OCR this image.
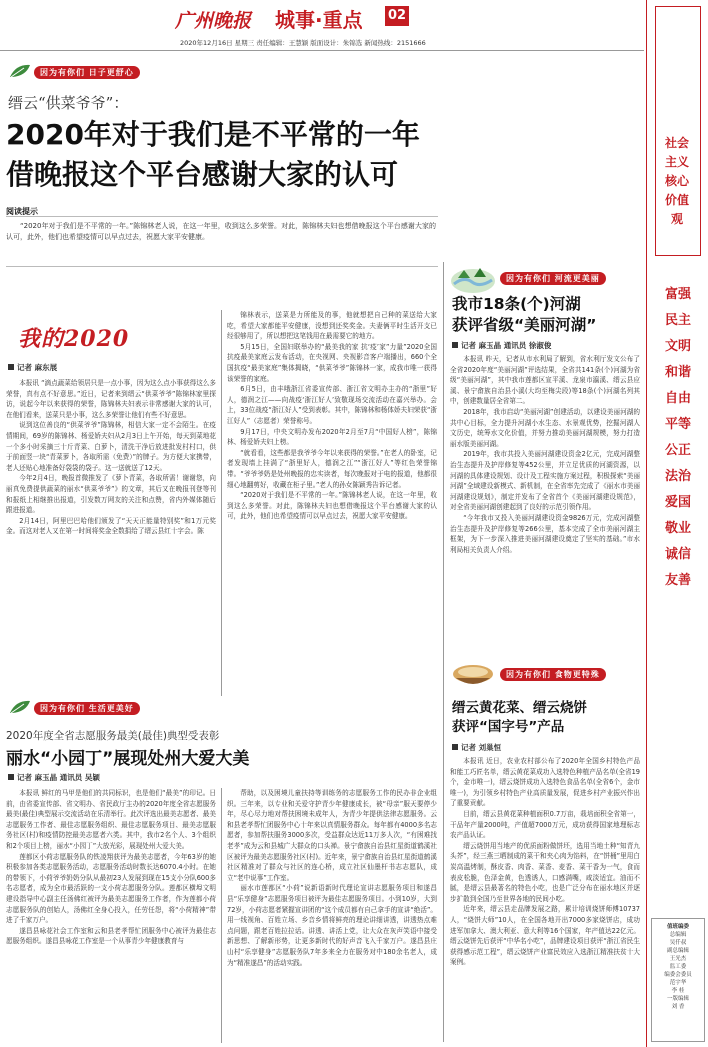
广州晚报 城事·重点 02
2020年12月16日 星期三 责任编辑：王慧颖 版面设计：朱锦选 新闻热线：2151666
因为有你们 日子更舒心
缙云“供菜爷爷”：
2020年对于我们是不平常的一年
借晚报这个平台感谢大家的认可
阅读提示

“2020年对于我们是不平常的一年。”陈锦林老人说，在这一年里，收到这么多荣誉。对此，陈锦林夫妇也想借晚报这个平台感谢大家的认可，此外，他们也希望疫情可以早点过去，祝愿大家平安健康。

我的2020
记者 麻东展

本报讯 “滴点蔬菜给领居只是一点小事，因为这么点小事获得这么多荣誉，真有点不好意思。”近日，记者来到缙云“供菜爷爷”陈锦林家里探访，说起今年以来获得的荣誉，陈锦林夫妇表示非常感谢大家的认可，在他们看来，送菜只是小事，这么多荣誉让他们有些不好意思。

说到这位善良的“供菜爷爷”陈锦林，相信大家一定不会陌生。在疫情期间，69岁的陈锦林、杨爱娇夫妇从2月3日上午开始，每天到菜地花一个多小时采摘三十斤青菜、白萝卜，清洗干净后放进批发村村口，供于前面竖一块“青菜萝卜，各取所需（免费）”的牌子。为方便大家携带，老人还贴心地准备好袋袋的袋子。这一送就送了12天。

今年2月4日，晚报首微推发了《萝卜青菜，各取所需！谢谢您，向丽真免费提供蔬菜的丽水“供菜爷爷”》的文章，其后又在晚报刊登等刊和报纸上相继推出报道，引发数万网友的关注和点赞，省内外媒体随后跟进报道。

2月14日，阿里巴巴哈他们颁发了“天天正能量特别奖”和1万元奖金。而这对老人又在第一时间将奖金全数捐给了缙云县红十字会。陈

锦林表示，送菜是力所能及的事，他就想把自己种的菜送给大家吃，希望大家都能平安健康，没想到还奖奖金。夫妻俩平时生活开支已经很够用了，所以想把这笔钱用在最需要它的地方。

5月15日，全国妇联举办的“最美我的家 抗‘疫’家”力量”2020全国抗疫最美家庭云发布活动，在央视网、央视影音客户端播出，660个全国抗疫“最美家庭”集体揭晓，“供菜爷爷”陈锦林一家，成我市唯一获得该荣誉的家庭。

6月5日，由丰哦浙江省委宣传部、浙江省文明办主办的“浙里”好人，德润之江——向战疫‘浙江好人’致敬现场交流活动在嘉兴举办。会上，33位战疫“浙江好人”受到表彰。其中，陈锦林和杨体娇夫妇荣获“浙江好人”（志愿者）荣誉称号。

9月17日，中央文明办发布2020年2月至7月“中国好人榜”，陈锦林、杨爱娇夫妇上榜。

“就看看，这些都是我爷爷今年以来获得的荣誉。”在老人的卧室，记者发现墙上挂满了“浙里好人，德润之江”“浙江好人”等红色荣誉锦带。“爷爷爷奶是处州晚报的忠实读者，每次晚报对于电的报道，他都很细心地翻剪好，收藏在柜子里。”老人的孙女陈颖秀告诉记者。

“2020对于我们是不平常的一年。”陈锦林老人说，在这一年里，收到这么多荣誉。对此，陈锦林夫妇也想借晚报这个平台感谢大家的认可，此外，他们也希望疫情可以早点过去，祝愿大家平安健康。

因为有你们 生活更美好
2020年度全省志愿服务最美(最佳)典型受表彰
丽水“小园丁”展现处州大爱大美
记者 麻玉晶 通讯员 吴颖

本报讯 鲜红的马甲是他们的共同标识，也是他们“最美”的印记。日前，由省委宣传部、省文明办、省民政厅主办的2020年度全省志愿服务最美(最佳)典型展示交流活动在乐清举行。此次评选出最美志愿者、最美志愿服务工作者、最佳志愿服务组织、最佳志愿服务项目、最美志愿服务社区(村)和疫情防控最美志愿者六类。其中，我市2名个人、3个组织和2个项目上榜，丽水“小园丁”大放光彩，展现处州大爱大美。

莲都区小荷志愿服务队的铁凌翔获评为最美志愿者，今年63岁的她积极参加各类志愿服务活动，志愿服务活动时数长达6070.4小时。在她的带领下，小荷爷爷奶奶分队从最初23人发展到现在15支小分队600多名志愿者，成为全市最活跃的一支小荷志愿服务分队。莲都区横埠文明建设指导中心副主任汤佛红被评为最美志愿服务工作者，作为莲都小荷志愿服务队的创始人，汤佛红全身心投入，任劳任怨，将“小荷精神”带进了千家万户。

遂昌县咏花社会工作室和云和县老孝帮忙团服务中心被评为最佳志愿服务组织。遂昌县咏花工作室是一个从事青少年健康教育与

帮助，以及困境儿童扶持等训练务的志愿服务工作的民办非企业组织。三年来，以专业和关爱守护青少年健康成长，被“母亲”服天要停少年，尽心尽力地对帮扶困境未成年人，为青少年提供法律志愿服务。云和县老孝帮忙团服务中心十年来以真情服务群众。每年都有4000多名志愿者，参加帮扶服务3000多次，受益群众达近11万多人次，“有困难找老孝”成为云和县城广大群众的口头禅。景宁畲族自治县红星街道鹤溪社区被评为最美志愿服务社区(村)。近年来，景宁畲族自治县红星街道鹤溪社区精准对了群众与社区的连心桥，成立社区仙墨杆书志志愿队，成立“老中说事”工作室。

丽水市莲都区“小荷”说新语新时代理论宣讲志愿服务项目和遂昌县“乐享健身”志愿服务项目被评为最佳志愿服务项目。小到10岁，大到72岁，小荷志愿者紧握宣讲团的“这个成员都有自己拿手的宣讲“绝活”。用一线视角、百姓立场、乡音乡情将鲜亮的理论讲细讲透，讲透热点难点问题，跟老百姓拉拉话。讲透、讲活上党，让大众在灰声笑语中接受新思想、了解新形势，让更多新时代的好声音飞入千家万户。遂昌县庄山村“乐享健身”志愿服务队7年多来全力在服务对中180余名老人，成为“精准遂昌”的活动实践。

因为有你们 河流更美丽
我市18条(个)河湖
获评省级“美丽河湖”
记者 麻玉晶 通讯员 徐淑俊

本报讯 昨天，记者从市水利局了解到，省水利厅发文公布了全省2020年度“美丽河湖”评选结果，全省共141条(个)河湖为省级“美丽河湖”，其中我市莲都区宣平溪、龙泉市瀛溪、缙云县应溪、景宁畲族自治县小溪(大均至梅尖段)等18条(个)河湖名列其中，创建数量居全省第二。

2018年，我市启动“美丽河湖”创建活动，以建设美丽河湖的共中心目标，全力提升河湖小水生态、水景观优势，挖掘河湖人文历史，统筹水文化价值，并努力推动美丽河湖规模，努力打造丽水版美丽河湖。

2019年，我市共投入美丽河湖建设资金2亿元，完成河湖整治生态提升及护岸修复等452公里，并立足优质的河湖资源，以河湖的具体建设规划、设计及工程实施方案过程，积极探索“美丽河湖”全域建设新模式、新机制，在全省率先完成了《丽水市美丽河湖建设规划》，制定并发布了全省首个《美丽河湖建设规范》，对全省美丽河湖创建起到了良好的示范引领作用。

“今年我市又投入美丽河湖建设资金9826万元，完成河湖整治生态提升及护岸修复等266公里，基本完成了全市美丽河湖主框架，为下一步深入推进美丽河湖建设奠定了坚实的基础。”市水利局相关负责人介绍。

因为有你们 食物更特殊
缙云黄花菜、缙云烧饼
获评“国字号”产品
记者 刘巢恒

本报讯 近日，农业农村部公布了2020年全国乡村特色产品和能工巧匠名单，缙云黄花菜成功入选特色种植产品名单(全省19个，金市唯一)，缙云烧饼成功入选特色食品名单(全省6个，金市唯一)，为引领乡村特色产业高质量发展，促进乡村产业振兴作出了重要贡献。

目前，缙云县黄花菜种植面积0.7万亩，栽培面积全省第一，干品年产量2000吨，产值超7000万元，成功获得国家地理标志农产品认证。

缙云烧饼用当地产的优质面粉做饼坯，选用当地土种“知青九头芥”，经三燕三晒制成的菜干和夹心肉为馅料，在“饼桶”里用白炭高温烤制，酥皮香、肉香、菜香、麦香、菜干香为一气，食而表皮松脆，色泽金黄，色透诱人，口感满嘴，咸淡适宜。油而不腻，是缙云县最著名的特色小吃，也是广泛分布在丽水地区并逐步扩散到全国乃至世界各地的民间小吃。

近年来，缙云县走品牌发展之路，累计培训烧饼师傅10737人，“烧饼大师”10人，在全国各地开出7000多家烧饼店，成功进军加拿大、澳大利亚、意大利等16个国家，年产值达22亿元。缙云烧饼先后获评“中华名小吃”，品牌建设项目获评“浙江省民生获得感示范工程”，缙云烧饼产业富民效应入选浙江精准扶贫十大案例。

社会主义核心价值观
富强
民主
文明
和谐
自由
平等
公正
法治
爱国
敬业
诚信
友善
值班编委
总编辑
吴仟叔
副总编辑
王光杰
监工委
编委会委员
范宇华
李 桂
一版编辑
刘 香
